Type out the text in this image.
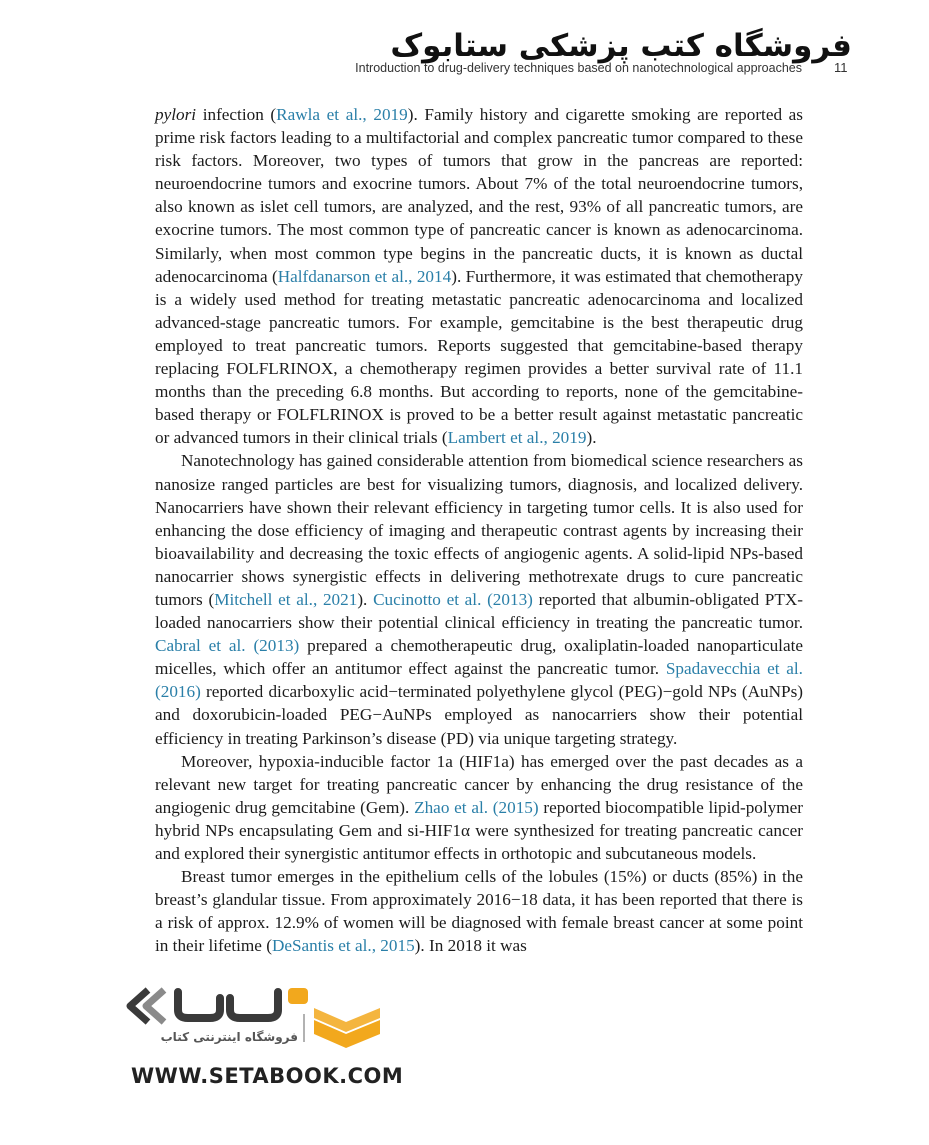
فروشگاه کتب پزشکی ستابوک
Introduction to drug-delivery techniques based on nanotechnological approaches 11

pylori infection (Rawla et al., 2019). Family history and cigarette smoking are reported as prime risk factors leading to a multifactorial and complex pancreatic tumor compared to these risk factors. Moreover, two types of tumors that grow in the pancreas are reported: neuroendocrine tumors and exocrine tumors. About 7% of the total neuroendocrine tumors, also known as islet cell tumors, are analyzed, and the rest, 93% of all pancreatic tumors, are exocrine tumors. The most common type of pancreatic cancer is known as adenocarcinoma. Similarly, when most common type begins in the pancreatic ducts, it is known as ductal adenocarcinoma (Halfdanarson et al., 2014). Furthermore, it was estimated that chemotherapy is a widely used method for treating metastatic pancreatic adenocarcinoma and localized advanced-stage pancreatic tumors. For example, gemcitabine is the best therapeutic drug employed to treat pancreatic tumors. Reports suggested that gemcitabine-based therapy replacing FOLFLRINOX, a chemotherapy regimen provides a better survival rate of 11.1 months than the preceding 6.8 months. But according to reports, none of the gemcitabine-based therapy or FOLFLRINOX is proved to be a better result against metastatic pancreatic or advanced tumors in their clinical trials (Lambert et al., 2019).

Nanotechnology has gained considerable attention from biomedical science researchers as nanosize ranged particles are best for visualizing tumors, diagnosis, and localized delivery. Nanocarriers have shown their relevant efficiency in targeting tumor cells. It is also used for enhancing the dose efficiency of imaging and therapeutic contrast agents by increasing their bioavailability and decreasing the toxic effects of angiogenic agents. A solid-lipid NPs-based nanocarrier shows synergistic effects in delivering methotrexate drugs to cure pancreatic tumors (Mitchell et al., 2021). Cucinotto et al. (2013) reported that albumin-obligated PTX-loaded nanocarriers show their potential clinical efficiency in treating the pancreatic tumor. Cabral et al. (2013) prepared a chemotherapeutic drug, oxaliplatin-loaded nanoparticulate micelles, which offer an antitumor effect against the pancreatic tumor. Spadavecchia et al. (2016) reported dicarboxylic acid−terminated polyethylene glycol (PEG)−gold NPs (AuNPs) and doxorubicin-loaded PEG−AuNPs employed as nanocarriers show their potential efficiency in treating Parkinson’s disease (PD) via unique targeting strategy.

Moreover, hypoxia-inducible factor 1a (HIF1a) has emerged over the past decades as a relevant new target for treating pancreatic cancer by enhancing the drug resistance of the angiogenic drug gemcitabine (Gem). Zhao et al. (2015) reported biocompatible lipid-polymer hybrid NPs encapsulating Gem and si-HIF1α were synthesized for treating pancreatic cancer and explored their synergistic antitumor effects in orthotopic and subcutaneous models.

Breast tumor emerges in the epithelium cells of the lobules (15%) or ducts (85%) in the breast’s glandular tissue. From approximately 2016−18 data, it has been reported that there is a risk of approx. 12.9% of women will be diagnosed with female breast cancer at some point in their lifetime (DeSantis et al., 2015). In 2018 it was

فروشگاه اینترنتی کتاب
WWW.SETABOOK.COM
